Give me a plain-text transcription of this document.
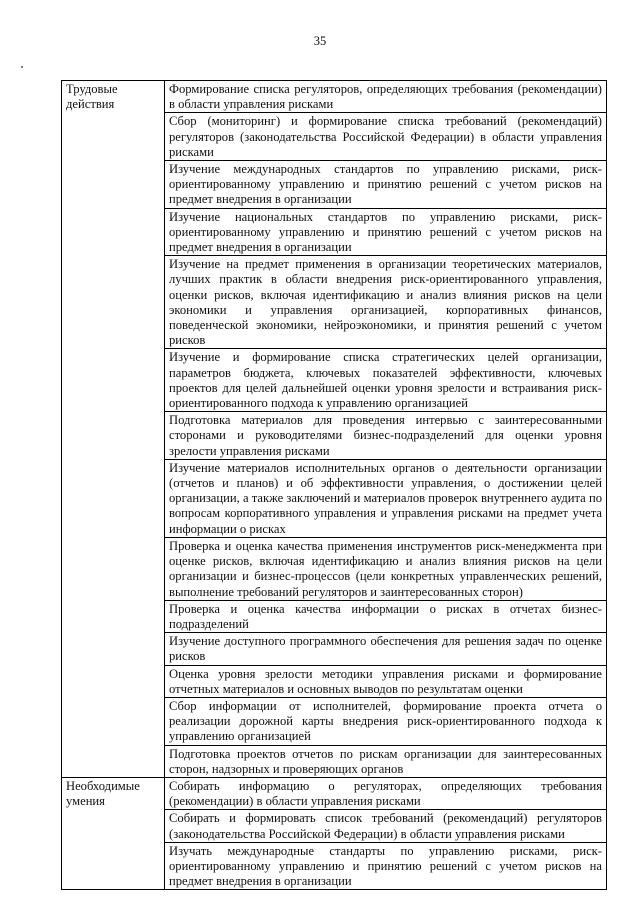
35
Трудовые действия	Формирование списка регуляторов, определяющих требования (рекомендации) в области управления рисками
	Сбор (мониторинг) и формирование списка требований (рекомендаций) регуляторов (законодательства Российской Федерации) в области управления рисками
	Изучение международных стандартов по управлению рисками, риск-ориентированному управлению и принятию решений с учетом рисков на предмет внедрения в организации
	Изучение национальных стандартов по управлению рисками, риск-ориентированному управлению и принятию решений с учетом рисков на предмет внедрения в организации
	Изучение на предмет применения в организации теоретических материалов, лучших практик в области внедрения риск-ориентированного управления, оценки рисков, включая идентификацию и анализ влияния рисков на цели экономики и управления организацией, корпоративных финансов, поведенческой экономики, нейроэкономики, и принятия решений с учетом рисков
	Изучение и формирование списка стратегических целей организации, параметров бюджета, ключевых показателей эффективности, ключевых проектов для целей дальнейшей оценки уровня зрелости и встраивания риск-ориентированного подхода к управлению организацией
	Подготовка материалов для проведения интервью с заинтересованными сторонами и руководителями бизнес-подразделений для оценки уровня зрелости управления рисками
	Изучение материалов исполнительных органов о деятельности организации (отчетов и планов) и об эффективности управления, о достижении целей организации, а также заключений и материалов проверок внутреннего аудита по вопросам корпоративного управления и управления рисками на предмет учета информации о рисках
	Проверка и оценка качества применения инструментов риск-менеджмента при оценке рисков, включая идентификацию и анализ влияния рисков на цели организации и бизнес-процессов (цели конкретных управленческих решений, выполнение требований регуляторов и заинтересованных сторон)
	Проверка и оценка качества информации о рисках в отчетах бизнес-подразделений
	Изучение доступного программного обеспечения для решения задач по оценке рисков
	Оценка уровня зрелости методики управления рисками и формирование отчетных материалов и основных выводов по результатам оценки
	Сбор информации от исполнителей, формирование проекта отчета о реализации дорожной карты внедрения риск-ориентированного подхода к управлению организацией
	Подготовка проектов отчетов по рискам организации для заинтересованных сторон, надзорных и проверяющих органов
Необходимые умения	Собирать информацию о регуляторах, определяющих требования (рекомендации) в области управления рисками
	Собирать и формировать список требований (рекомендаций) регуляторов (законодательства Российской Федерации) в области управления рисками
	Изучать международные стандарты по управлению рисками, риск-ориентированному управлению и принятию решений с учетом рисков на предмет внедрения в организации
